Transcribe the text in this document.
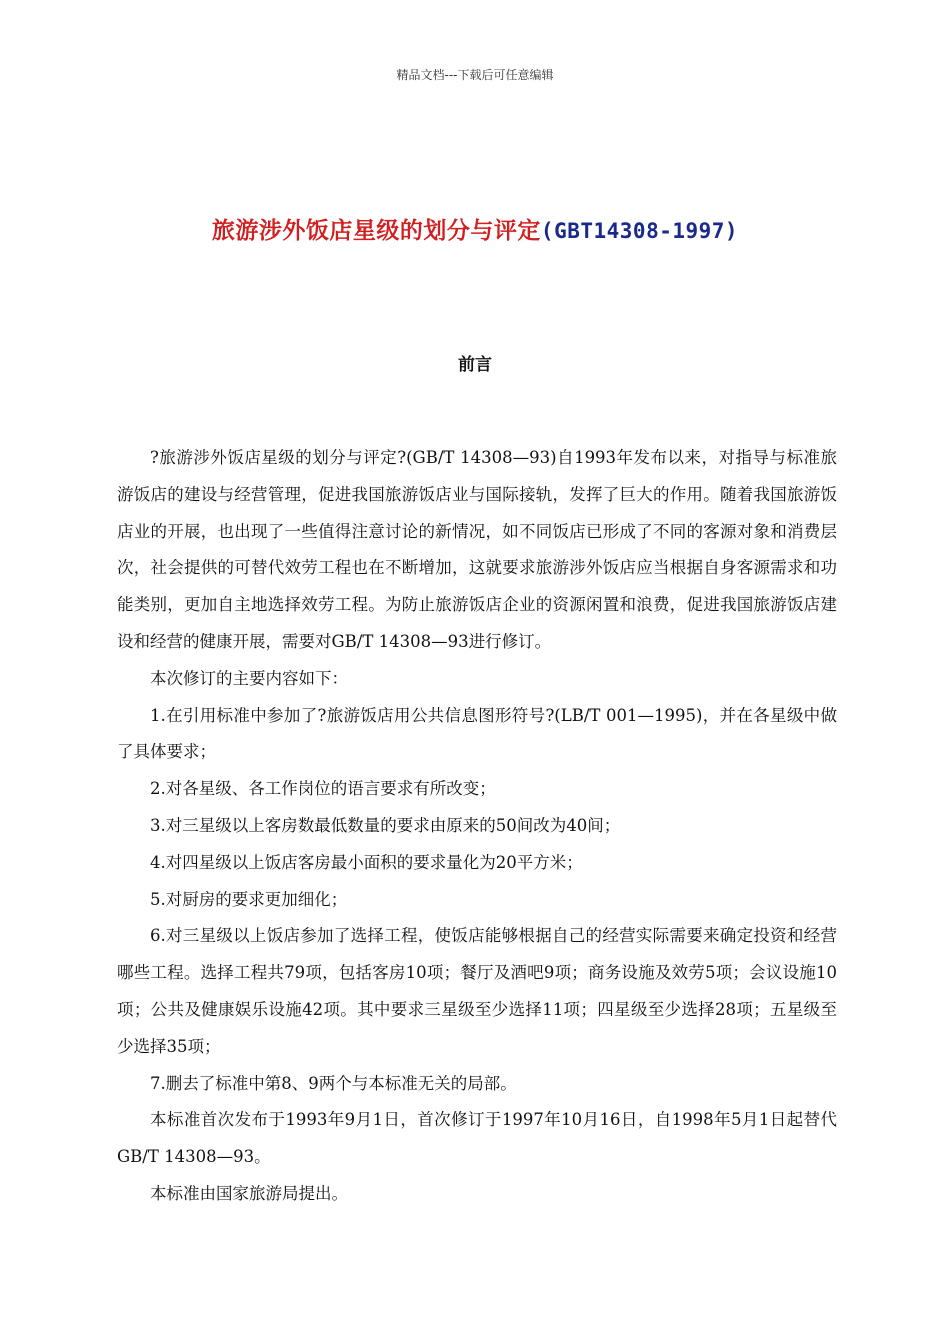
精品文档---下载后可任意编辑
旅游涉外饭店星级的划分与评定(GBT14308-1997)
前言

?旅游涉外饭店星级的划分与评定?(GB/T 14308—93)自1993年发布以来，对指导与标准旅游饭店的建设与经营管理，促进我国旅游饭店业与国际接轨，发挥了巨大的作用。随着我国旅游饭店业的开展，也出现了一些值得注意讨论的新情况，如不同饭店已形成了不同的客源对象和消费层次，社会提供的可替代效劳工程也在不断增加，这就要求旅游涉外饭店应当根据自身客源需求和功能类别，更加自主地选择效劳工程。为防止旅游饭店企业的资源闲置和浪费，促进我国旅游饭店建设和经营的健康开展，需要对GB/T 14308—93进行修订。

本次修订的主要内容如下：

1.在引用标准中参加了?旅游饭店用公共信息图形符号?(LB/T 001—1995)，并在各星级中做了具体要求；

2.对各星级、各工作岗位的语言要求有所改变；

3.对三星级以上客房数最低数量的要求由原来的50间改为40间；

4.对四星级以上饭店客房最小面积的要求量化为20平方米；

5.对厨房的要求更加细化；

6.对三星级以上饭店参加了选择工程，使饭店能够根据自己的经营实际需要来确定投资和经营哪些工程。选择工程共79项，包括客房10项；餐厅及酒吧9项；商务设施及效劳5项；会议设施10项；公共及健康娱乐设施42项。其中要求三星级至少选择11项；四星级至少选择28项；五星级至少选择35项；

7.删去了标准中第8、9两个与本标准无关的局部。

本标准首次发布于1993年9月1日，首次修订于1997年10月16日，自1998年5月1日起替代GB/T 14308—93。

本标准由国家旅游局提出。
